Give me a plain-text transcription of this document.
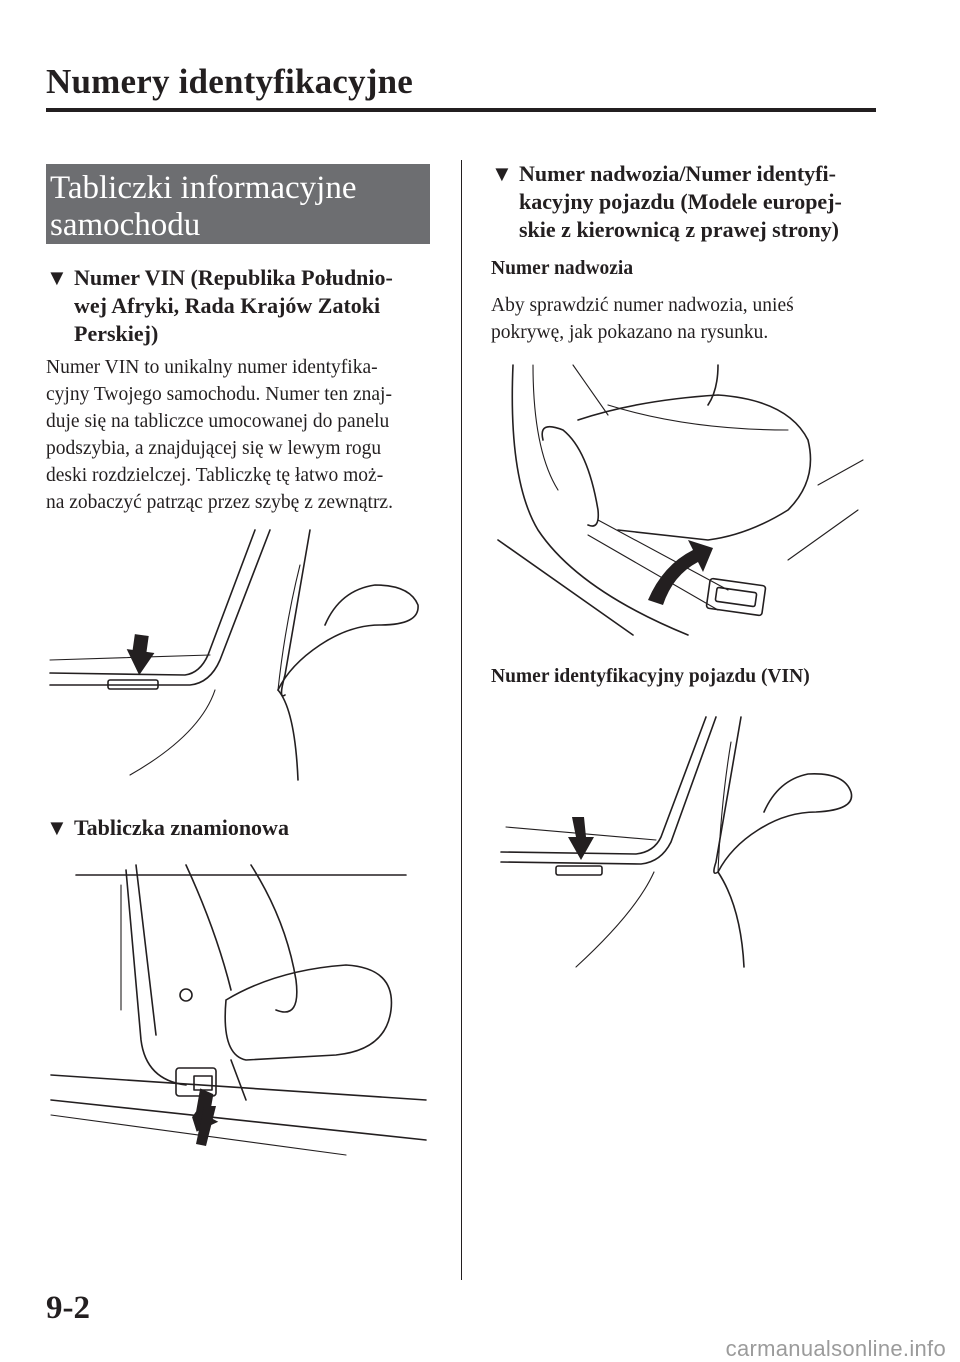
Numery identyfikacyjne
Tabliczki informacyjne
samochodu
▼ Numer VIN (Republika Południo-
wej Afryki, Rada Krajów Zatoki
Perskiej)
Numer VIN to unikalny numer identyfika-
cyjny Twojego samochodu. Numer ten znaj-
duje się na tabliczce umocowanej do panelu
podszybia, a znajdującej się w lewym rogu
deski rozdzielczej. Tabliczkę tę łatwo moż-
na zobaczyć patrząc przez szybę z zewnątrz.
▼ Tabliczka znamionowa
▼ Numer nadwozia/Numer identyfi-
kacyjny pojazdu (Modele europej-
skie z kierownicą z prawej strony)
Numer nadwozia
Aby sprawdzić numer nadwozia, unieś
pokrywę, jak pokazano na rysunku.
Numer identyfikacyjny pojazdu (VIN)
9-2
carmanualsonline.info
